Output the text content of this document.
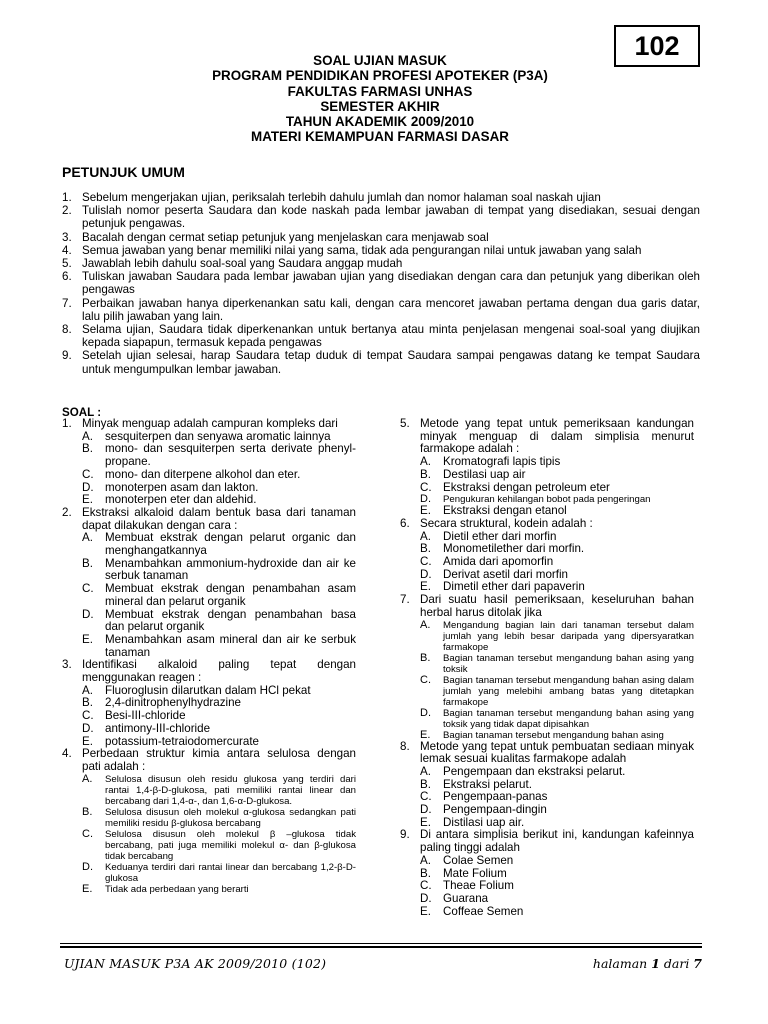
102
SOAL UJIAN MASUK
PROGRAM PENDIDIKAN PROFESI APOTEKER (P3A)
FAKULTAS FARMASI UNHAS
SEMESTER AKHIR
TAHUN AKADEMIK 2009/2010
MATERI KEMAMPUAN FARMASI DASAR
PETUNJUK UMUM
1. Sebelum mengerjakan ujian, periksalah terlebih dahulu jumlah dan nomor halaman soal naskah ujian
2. Tulislah nomor peserta Saudara dan kode naskah pada lembar jawaban di tempat yang disediakan, sesuai dengan petunjuk pengawas.
3. Bacalah dengan cermat setiap petunjuk yang menjelaskan cara menjawab soal
4. Semua jawaban yang benar memiliki nilai yang sama, tidak ada pengurangan nilai untuk jawaban yang salah
5. Jawablah lebih dahulu soal-soal yang Saudara anggap mudah
6. Tuliskan jawaban Saudara pada lembar jawaban ujian yang disediakan dengan cara dan petunjuk yang diberikan oleh pengawas
7. Perbaikan jawaban hanya diperkenankan satu kali, dengan cara mencoret jawaban pertama dengan dua garis datar, lalu pilih jawaban yang lain.
8. Selama ujian, Saudara tidak diperkenankan untuk bertanya atau minta penjelasan mengenai soal-soal yang diujikan kepada siapapun, termasuk kepada pengawas
9. Setelah ujian selesai, harap Saudara tetap duduk di tempat Saudara sampai pengawas datang ke tempat Saudara untuk mengumpulkan lembar jawaban.
SOAL :
1. Minyak menguap adalah campuran kompleks dari
A. sesquiterpen dan senyawa aromatic lainnya
B. mono- dan sesquiterpen serta derivate phenyl-propane.
C. mono- dan diterpene alkohol dan eter.
D. monoterpen asam dan lakton.
E. monoterpen eter dan aldehid.
2. Ekstraksi alkaloid dalam bentuk basa dari tanaman dapat dilakukan dengan cara :
A. Membuat ekstrak dengan pelarut organic dan menghangatkannya
B. Menambahkan ammonium-hydroxide dan air ke serbuk tanaman
C. Membuat ekstrak dengan penambahan asam mineral dan pelarut organik
D. Membuat ekstrak dengan penambahan basa dan pelarut organik
E. Menambahkan asam mineral dan air ke serbuk tanaman
3. Identifikasi alkaloid paling tepat dengan menggunakan reagen :
A. Fluoroglusin dilarutkan dalam HCl pekat
B. 2,4-dinitrophenylhydrazine
C. Besi-III-chloride
D. antimony-III-chloride
E. potassium-tetraiodomercurate
4. Perbedaan struktur kimia antara selulosa dengan pati adalah :
A. Selulosa disusun oleh residu glukosa yang terdiri dari rantai 1,4-β-D-glukosa, pati memiliki rantai linear dan bercabang dari 1,4-α-, dan 1,6-α-D-glukosa.
B. Selulosa disusun oleh molekul α-glukosa sedangkan pati memiliki residu β-glukosa bercabang
C. Selulosa disusun oleh molekul β –glukosa tidak bercabang, pati juga memiliki molekul α- dan β-glukosa tidak bercabang
D. Keduanya terdiri dari rantai linear dan bercabang 1,2-β-D-glukosa
E. Tidak ada perbedaan yang berarti
5. Metode yang tepat untuk pemeriksaan kandungan minyak menguap di dalam simplisia menurut farmakope adalah :
A. Kromatografi lapis tipis
B. Destilasi uap air
C. Ekstraksi dengan petroleum eter
D. Pengukuran kehilangan bobot pada pengeringan
E. Ekstraksi dengan etanol
6. Secara struktural, kodein adalah :
A. Dietil ether dari morfin
B. Monometilether dari morfin.
C. Amida dari apomorfin
D. Derivat asetil dari morfin
E. Dimetil ether dari papaverin
7. Dari suatu hasil pemeriksaan, keseluruhan bahan herbal harus ditolak jika
A. Mengandung bagian lain dari tanaman tersebut dalam jumlah yang lebih besar daripada yang dipersyaratkan farmakope
B. Bagian tanaman tersebut mengandung bahan asing yang toksik
C. Bagian tanaman tersebut mengandung bahan asing dalam jumlah yang melebihi ambang batas yang ditetapkan farmakope
D. Bagian tanaman tersebut mengandung bahan asing yang toksik yang tidak dapat dipisahkan
E. Bagian tanaman tersebut mengandung bahan asing
8. Metode yang tepat untuk pembuatan sediaan minyak lemak sesuai kualitas farmakope adalah
A. Pengempaan dan ekstraksi pelarut.
B. Ekstraksi pelarut.
C. Pengempaan-panas
D. Pengempaan-dingin
E. Distilasi uap air.
9. Di antara simplisia berikut ini, kandungan kafeinnya paling tinggi adalah
A. Colae Semen
B. Mate Folium
C. Theae Folium
D. Guarana
E. Coffeae Semen
UJIAN MASUK P3A AK 2009/2010 (102)	halaman 1 dari 7
